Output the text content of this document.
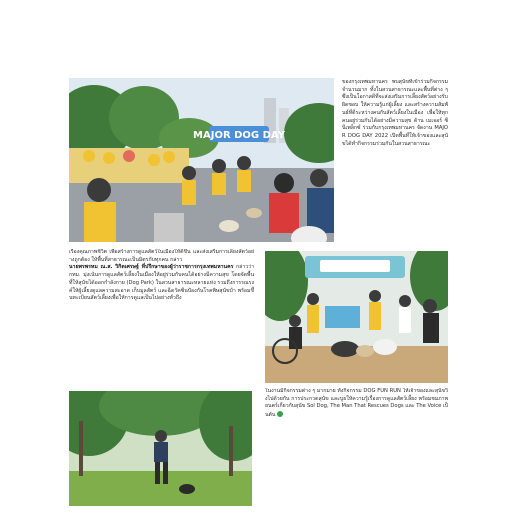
MAJOR DOG DAY

ของกรุงเทพมหานคร พบสุนัขที่เข้าร่วมกิจกรรมจำนวนมาก ทั้งในสวนสาธารณะและพื้นที่ต่าง ๆ ซึ่งเป็นโอกาสดีที่จะส่งเสริมการเลี้ยงสัตว์อย่างรับผิดชอบ ให้ความรู้แก่ผู้เลี้ยง และสร้างความสัมพันธ์ที่ดีระหว่างคนกับสัตว์เลี้ยงในเมือง เพื่อให้ทุกคนอยู่ร่วมกันได้อย่างมีความสุข ด้าน เมเจอร์ ซีนีเพล็กซ์ ร่วมกับกรุงเทพมหานคร จัดงาน MAJOR DOG DAY 2022 เปิดพื้นที่ให้เจ้าของและสุนัขได้ทำกิจกรรมร่วมกันในสวนสาธารณะ

เรื่องคุณภาพชีวิต เพื่อสร้างการดูแลสัตว์ในเมืองให้ดีขึ้น และส่งเสริมการเลี้ยงสัตว์อย่างถูกต้อง ให้พื้นที่สาธารณะเป็นมิตรกับทุกคน กล่าว
นายพรพรหม ณ.ส. วิกิตเศรษฐ์ ที่ปรึกษาของผู้ว่าราชการกรุงเทพมหานคร กล่าวว่า กทม. มุ่งเน้นการดูแลสัตว์เลี้ยงในเมืองให้อยู่ร่วมกับคนได้อย่างมีความสุข โดยจัดพื้นที่ให้สุนัขได้ออกกำลังกาย (Dog Park) ในสวนสาธารณะหลายแห่ง รวมถึงการรณรงค์ให้ผู้เลี้ยงดูแลความสะอาด เก็บมูลสัตว์ และฉีดวัคซีนป้องกันโรคพิษสุนัขบ้า พร้อมขึ้นทะเบียนสัตว์เลี้ยงเพื่อให้การดูแลเป็นไปอย่างทั่วถึง

ในงานมีกิจกรรมต่าง ๆ มากมาย ทั้งกิจกรรม DOG FUN RUN ให้เจ้าของและสุนัขวิ่งไปด้วยกัน การประกวดสุนัข และบูธให้ความรู้เรื่องการดูแลสัตว์เลี้ยง พร้อมชมภาพยนตร์เกี่ยวกับสุนัข Sol Dog, The Man That Rescues Dogs และ The Voice เป็นต้น
